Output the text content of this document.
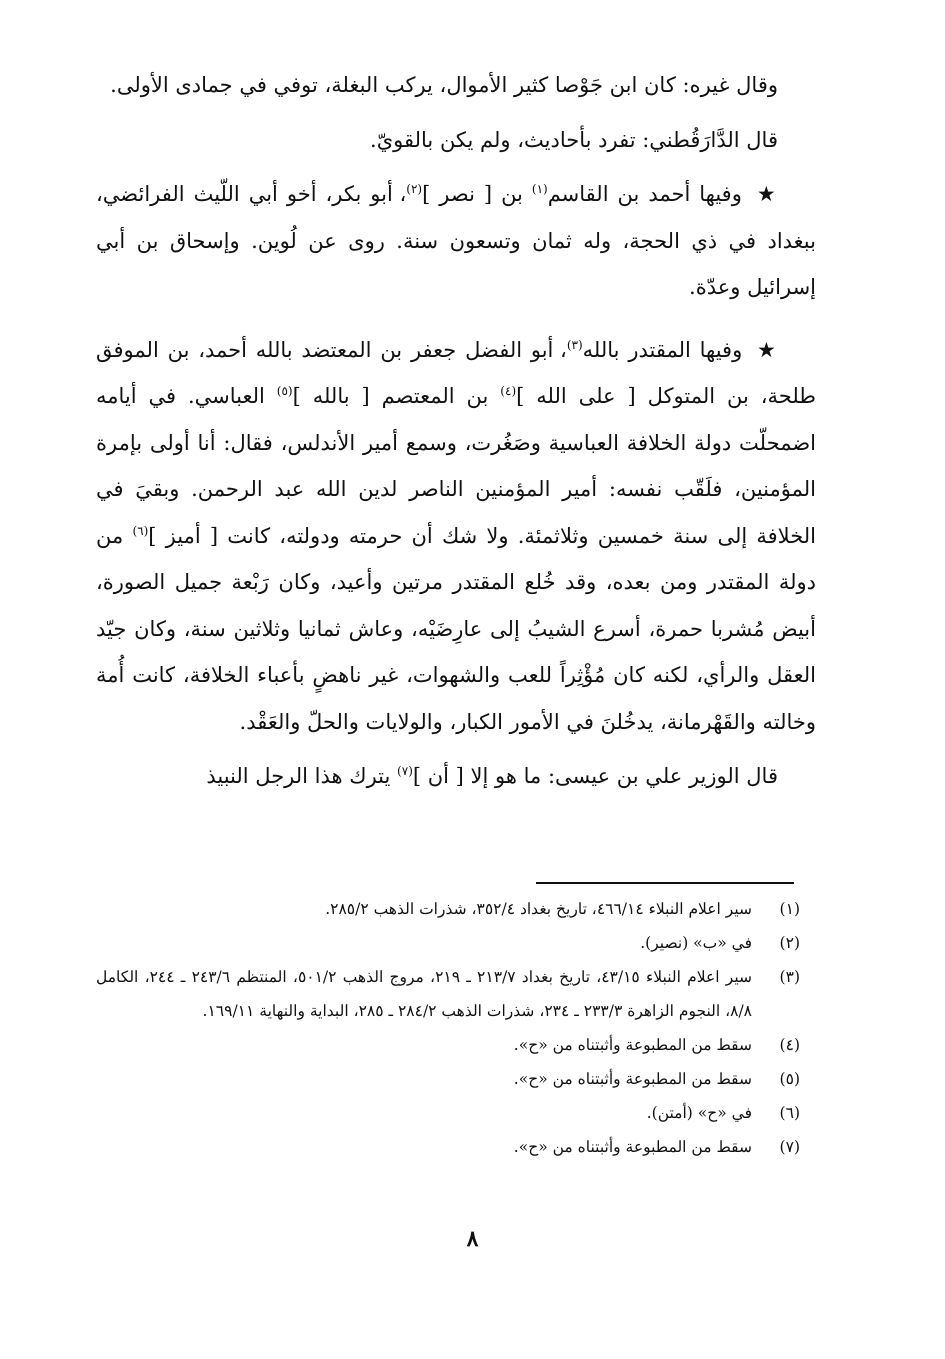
وقال غيره: كان ابن جَوْصا كثير الأموال، يركب البغلة، توفي في جمادى الأولى.

قال الدَّارَقُطني: تفرد بأحاديث، ولم يكن بالقويّ.

★ وفيها أحمد بن القاسم$^{(١)}$ بن [ نصر ]$^{(٢)}$، أبو بكر، أخو أبي اللّيث الفرائضي، ببغداد في ذي الحجة، وله ثمان وتسعون سنة. روى عن لُوين. وإسحاق بن أبي إسرائيل وعدّة.

★ وفيها المقتدر بالله$^{(٣)}$، أبو الفضل جعفر بن المعتضد بالله أحمد، بن الموفق طلحة، بن المتوكل [ على الله ]$^{(٤)}$ بن المعتصم [ بالله ]$^{(٥)}$ العباسي. في أيامه اضمحلّت دولة الخلافة العباسية وصَغُرت، وسمع أمير الأندلس، فقال: أنا أولى بإمرة المؤمنين، فلَقّب نفسه: أمير المؤمنين الناصر لدين الله عبد الرحمن. وبقيَ في الخلافة إلى سنة خمسين وثلاثمئة. ولا شك أن حرمته ودولته، كانت [ أميز ]$^{(٦)}$ من دولة المقتدر ومن بعده، وقد خُلع المقتدر مرتين وأعيد، وكان رَبْعة جميل الصورة، أبيض مُشربا حمرة، أسرع الشيبُ إلى عارِضَيْه، وعاش ثمانيا وثلاثين سنة، وكان جيّد العقل والرأي، لكنه كان مُؤْثِراً للعب والشهوات، غير ناهضٍ بأعباء الخلافة، كانت أُمة وخالته والقَهْرمانة، يدخُلنَ في الأمور الكبار، والولايات والحلّ والعَقْد.

قال الوزير علي بن عيسى: ما هو إلا [ أن ]$^{(٧)}$ يترك هذا الرجل النبيذ

(١)
سير اعلام النبلاء ٤٦٦/١٤، تاريخ بغداد ٣٥٢/٤، شذرات الذهب ٢٨٥/٢.
(٢)
في «ب» (نصير).
(٣)
سير اعلام النبلاء ٤٣/١٥، تاريخ بغداد ٢١٣/٧ ـ ٢١٩، مروج الذهب ٥٠١/٢، المنتظم ٢٤٣/٦ ـ ٢٤٤، الكامل ٨/٨، النجوم الزاهرة ٢٣٣/٣ ـ ٢٣٤، شذرات الذهب ٢٨٤/٢ ـ ٢٨٥، البداية والنهاية ١٦٩/١١.
(٤)
سقط من المطبوعة وأثبتناه من «ح».
(٥)
سقط من المطبوعة وأثبتناه من «ح».
(٦)
في «ح» (أمتن).
(٧)
سقط من المطبوعة وأثبتناه من «ح».
٨
